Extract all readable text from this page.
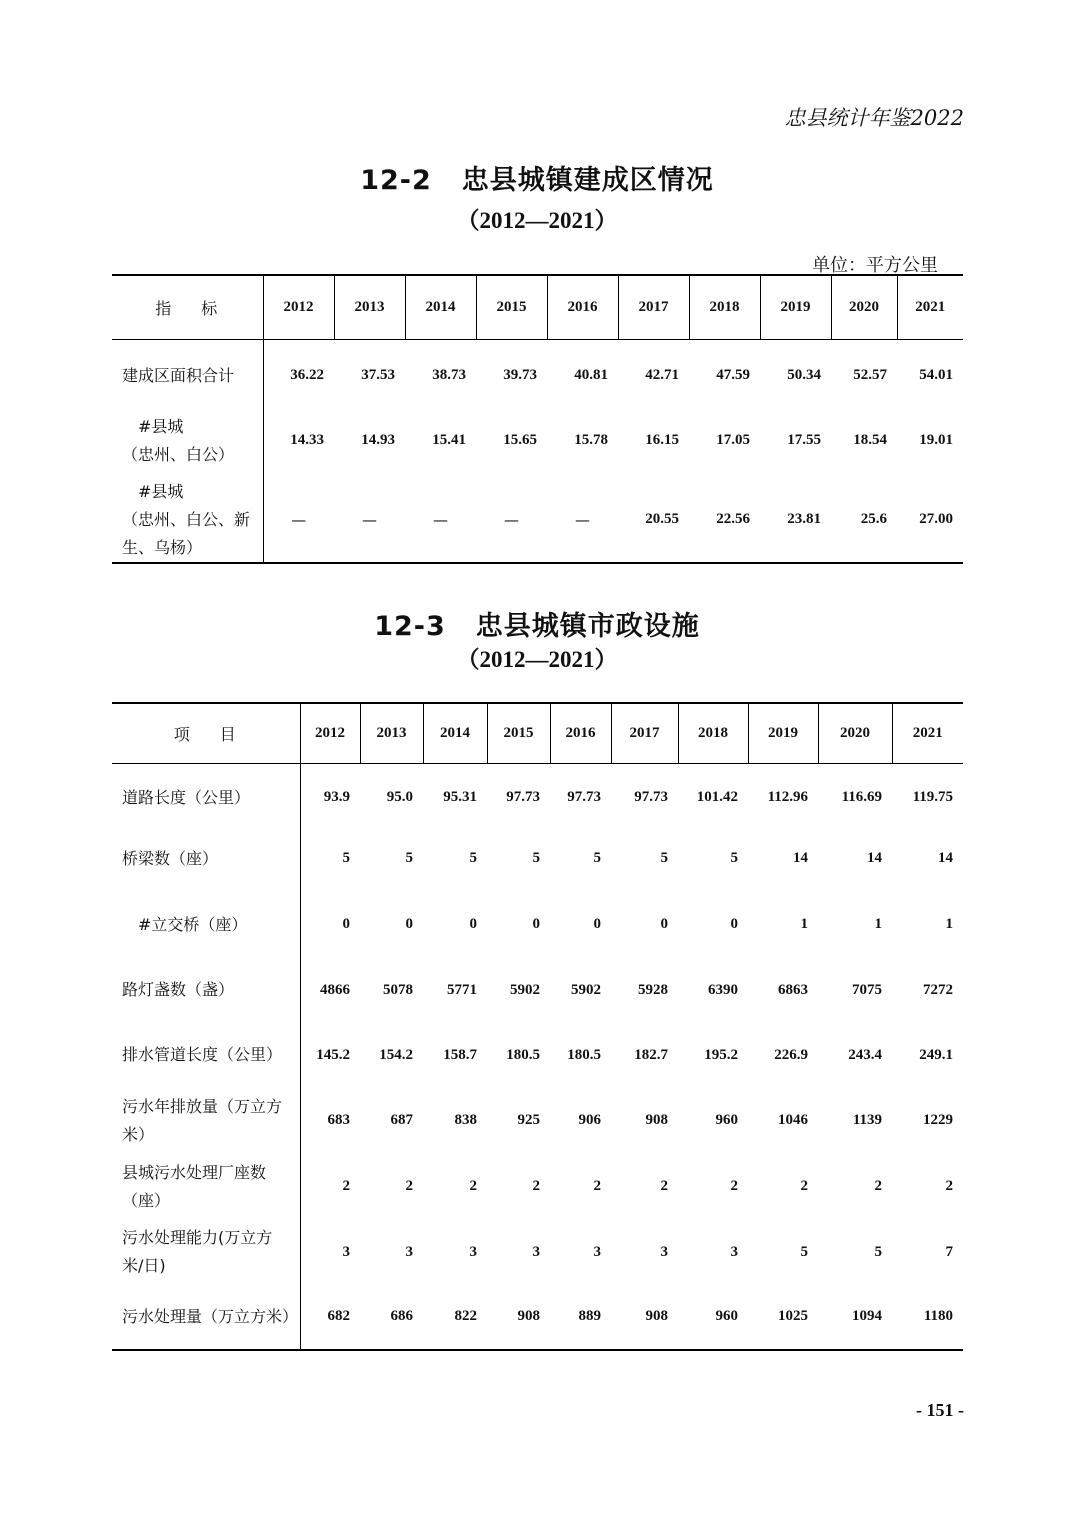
忠县统计年鉴2022
12-2 忠县城镇建成区情况
（2012—2021）
单位：平方公里
指 标	2012	2013	2014	2015	2016	2017	2018	2019	2020	2021

建成区面积合计	36.22	37.53	38.73	39.73	40.81	42.71	47.59	50.34	52.57	54.01

#县城
（忠州、白公）	14.33	14.93	15.41	15.65	15.78	16.15	17.05	17.55	18.54	19.01

#县城
（忠州、白公、新
生、乌杨）	—	—	—	—	—	20.55	22.56	23.81	25.6	27.00
12-3 忠县城镇市政设施
（2012—2021）
项 目	2012	2013	2014	2015	2016	2017	2018	2019	2020	2021

道路长度（公里）	93.9	95.0	95.31	97.73	97.73	97.73	101.42	112.96	116.69	119.75

桥梁数（座）	5	5	5	5	5	5	5	14	14	14

#立交桥（座）	0	0	0	0	0	0	0	1	1	1

路灯盏数（盏）	4866	5078	5771	5902	5902	5928	6390	6863	7075	7272

排水管道长度（公里）	145.2	154.2	158.7	180.5	180.5	182.7	195.2	226.9	243.4	249.1

污水年排放量（万立方
米）	683	687	838	925	906	908	960	1046	1139	1229

县城污水处理厂座数
（座）	2	2	2	2	2	2	2	2	2	2

污水处理能力(万立方米/日)	3	3	3	3	3	3	3	5	5	7

污水处理量（万立方米）	682	686	822	908	889	908	960	1025	1094	1180
- 151 -
